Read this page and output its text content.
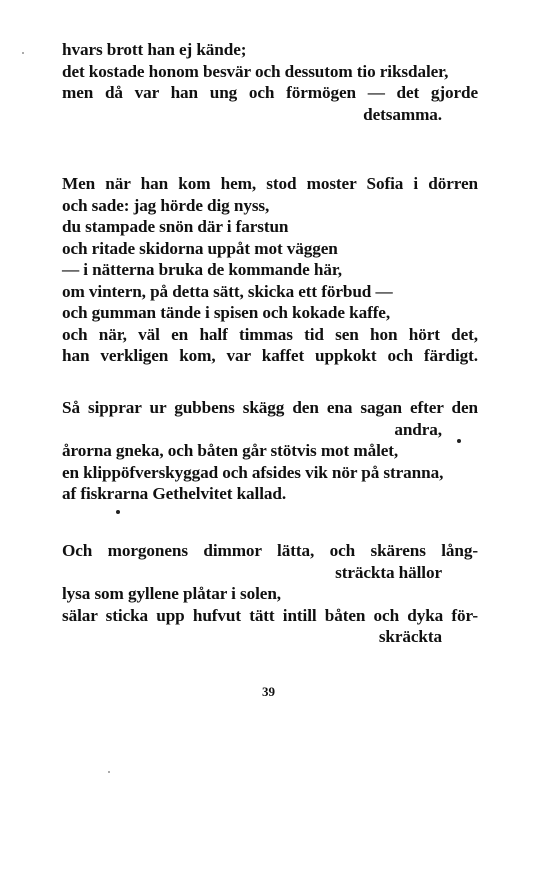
hvars brott han ej kände;
det kostade honom besvär och dessutom tio riksdaler,
men då var han ung och förmögen — det gjorde
detsamma.
Men när han kom hem, stod moster Sofia i dörren
och sade: jag hörde dig nyss,
du stampade snön där i farstun
och ritade skidorna uppåt mot väggen
— i nätterna bruka de kommande här,
om vintern, på detta sätt, skicka ett förbud —
och gumman tände i spisen och kokade kaffe,
och när, väl en half timmas tid sen hon hört det,
han verkligen kom, var kaffet uppkokt och färdigt.
Så sipprar ur gubbens skägg den ena sagan efter den
andra,
årorna gneka, och båten går stötvis mot målet,
en klippöfverskyggad och afsides vik nör på stranna,
af fiskrarna Gethelvitet kallad.
Och morgonens dimmor lätta, och skärens lång-
sträckta hällor
lysa som gyllene plåtar i solen,
sälar sticka upp hufvut tätt intill båten och dyka för-
skräckta
39
